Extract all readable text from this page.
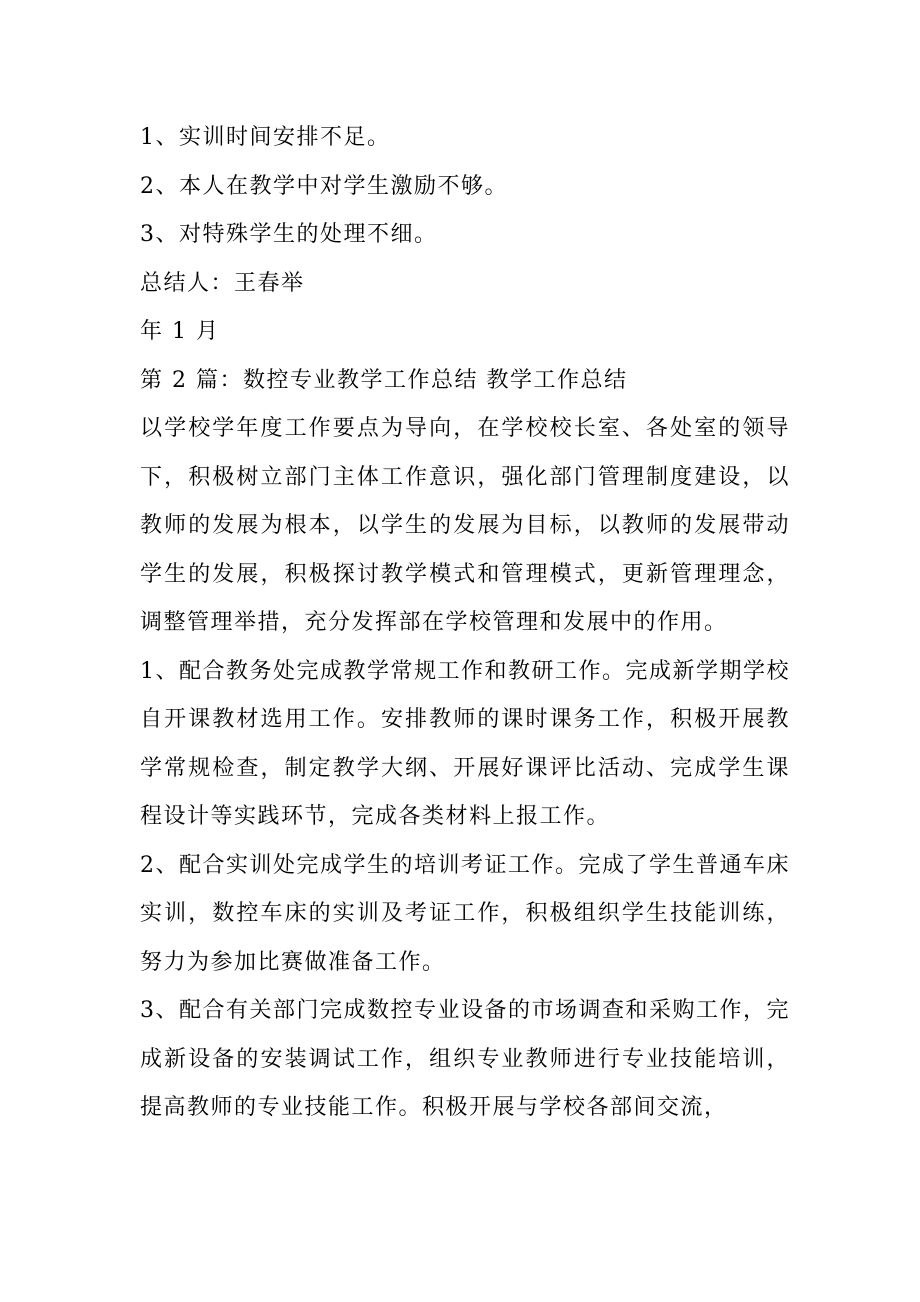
1、实训时间安排不足。
2、本人在教学中对学生激励不够。
3、对特殊学生的处理不细。
总结人：王春举
年 1 月
第 2 篇：数控专业教学工作总结 教学工作总结
以学校学年度工作要点为导向，在学校校长室、各处室的领导下，积极树立部门主体工作意识，强化部门管理制度建设，以教师的发展为根本，以学生的发展为目标，以教师的发展带动学生的发展，积极探讨教学模式和管理模式，更新管理理念，调整管理举措，充分发挥部在学校管理和发展中的作用。
1、配合教务处完成教学常规工作和教研工作。完成新学期学校自开课教材选用工作。安排教师的课时课务工作，积极开展教学常规检查，制定教学大纲、开展好课评比活动、完成学生课程设计等实践环节，完成各类材料上报工作。
2、配合实训处完成学生的培训考证工作。完成了学生普通车床实训，数控车床的实训及考证工作，积极组织学生技能训练，努力为参加比赛做准备工作。
3、配合有关部门完成数控专业设备的市场调查和采购工作，完成新设备的安装调试工作，组织专业教师进行专业技能培训，提高教师的专业技能工作。积极开展与学校各部间交流，
